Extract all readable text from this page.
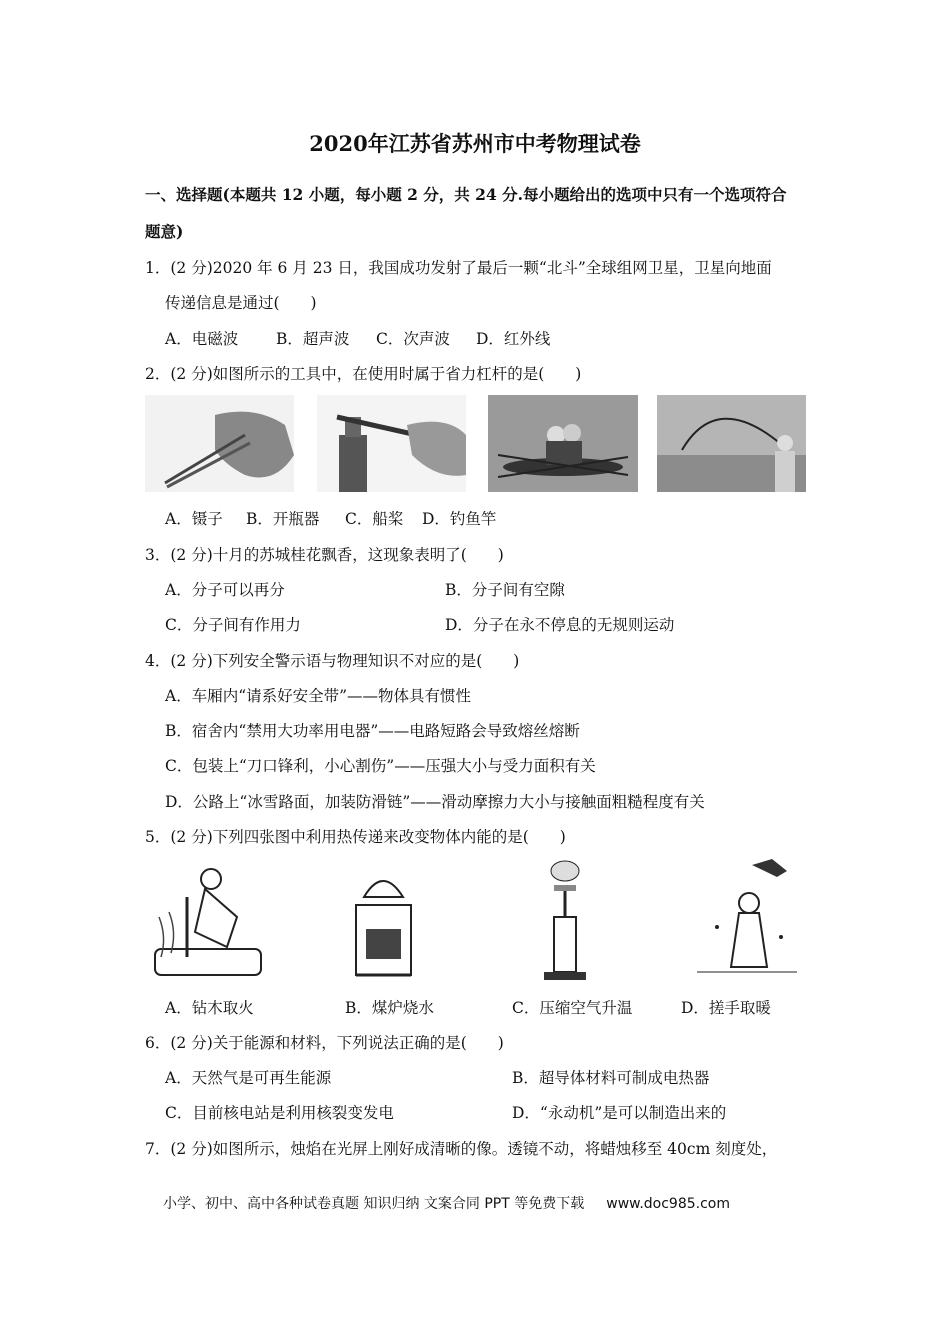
2020年江苏省苏州市中考物理试卷
一、选择题(本题共 12 小题，每小题 2 分，共 24 分.每小题给出的选项中只有一个选项符合
题意)
1．(2 分)2020 年 6 月 23 日，我国成功发射了最后一颗“北斗”全球组网卫星，卫星向地面
传递信息是通过(　　)
A．电磁波 B．超声波 C．次声波 D．红外线
2．(2 分)如图所示的工具中，在使用时属于省力杠杆的是(　　)
A．镊子 B．开瓶器 C．船桨 D．钓鱼竿
3．(2 分)十月的苏城桂花飘香，这现象表明了(　　)
A．分子可以再分	B．分子间有空隙
C．分子间有作用力	D．分子在永不停息的无规则运动
4．(2 分)下列安全警示语与物理知识不对应的是(　　)
A．车厢内“请系好安全带”——物体具有惯性
B．宿舍内“禁用大功率用电器”——电路短路会导致熔丝熔断
C．包装上“刀口锋利，小心割伤”——压强大小与受力面积有关
D．公路上“冰雪路面，加装防滑链”——滑动摩擦力大小与接触面粗糙程度有关
5．(2 分)下列四张图中利用热传递来改变物体内能的是(　　)
A．钻木取火	B．煤炉烧水	C．压缩空气升温	D．搓手取暖
6．(2 分)关于能源和材料，下列说法正确的是(　　)
A．天然气是可再生能源	B．超导体材料可制成电热器
C．目前核电站是利用核裂变发电	D．“永动机”是可以制造出来的
7．(2 分)如图所示，烛焰在光屏上刚好成清晰的像。透镜不动，将蜡烛移至 40cm 刻度处，
小学、初中、高中各种试卷真题 知识归纳 文案合同 PPT 等免费下载 www.doc985.com
